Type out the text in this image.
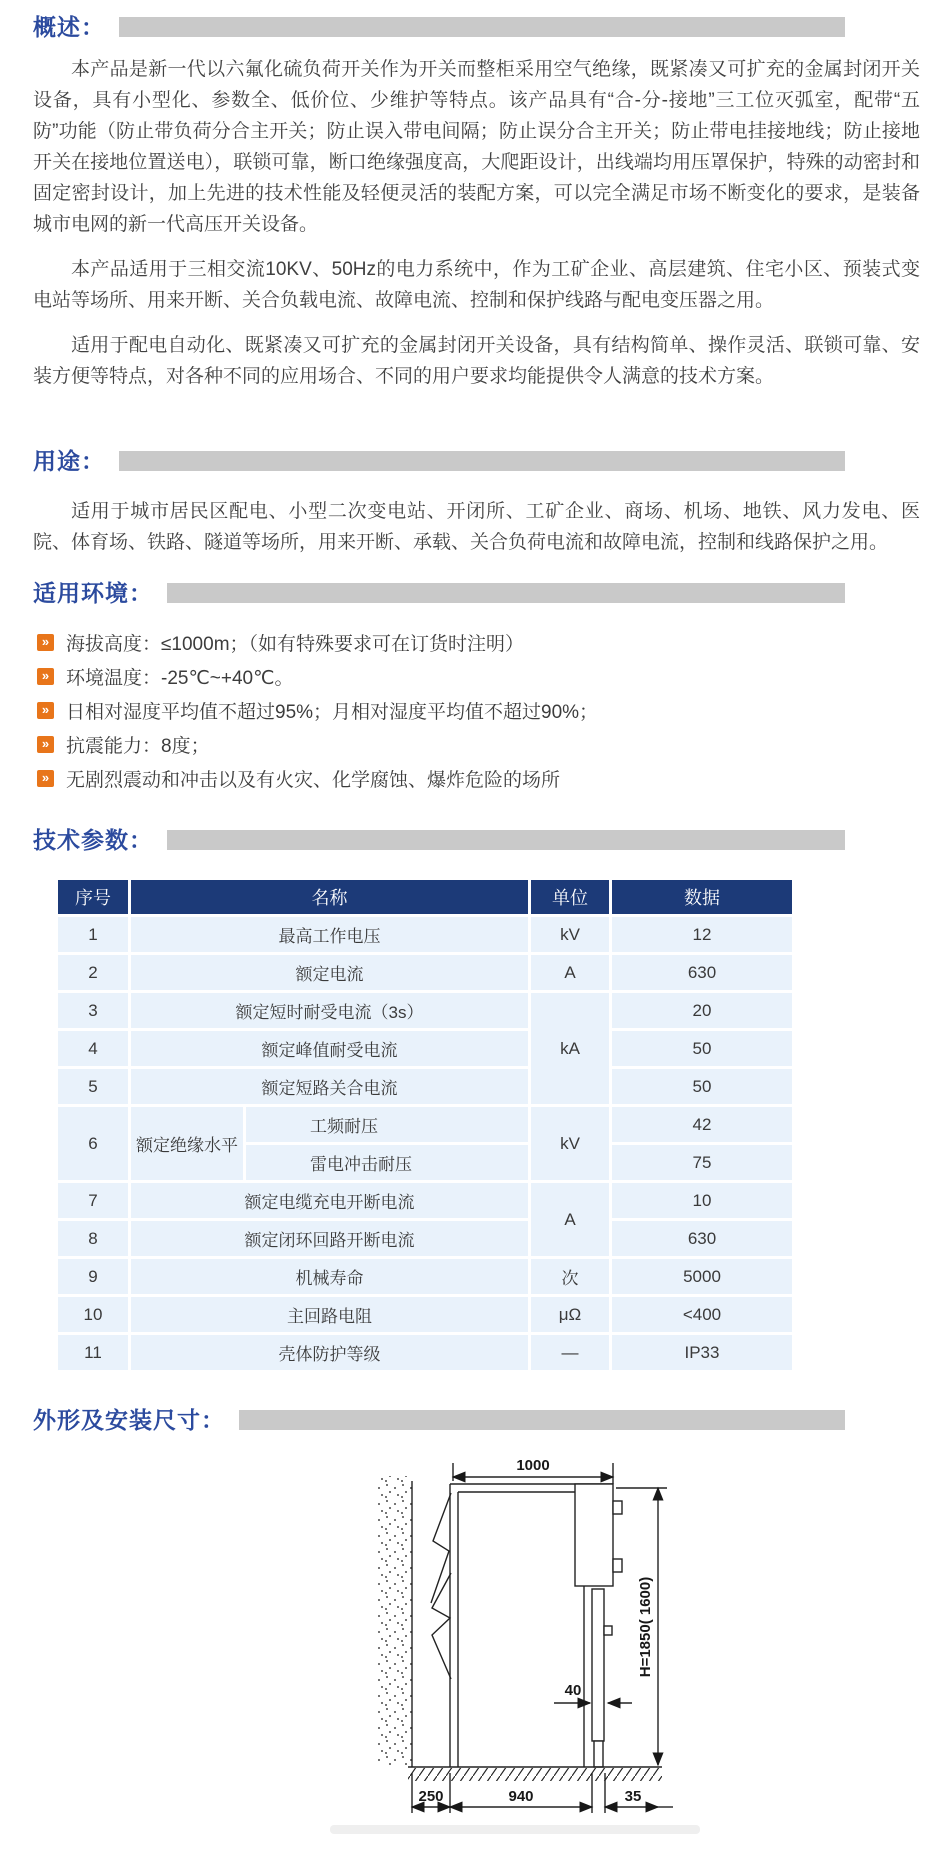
概述：

本产品是新一代以六氟化硫负荷开关作为开关而整柜采用空气绝缘，既紧凑又可扩充的金属封闭开关设备，具有小型化、参数全、低价位、少维护等特点。该产品具有“合-分-接地”三工位灭弧室，配带“五防”功能（防止带负荷分合主开关；防止误入带电间隔；防止误分合主开关；防止带电挂接地线；防止接地开关在接地位置送电），联锁可靠，断口绝缘强度高，大爬距设计，出线端均用压罩保护，特殊的动密封和固定密封设计，加上先进的技术性能及轻便灵活的装配方案，可以完全满足市场不断变化的要求，是装备城市电网的新一代高压开关设备。

本产品适用于三相交流10KV、50Hz的电力系统中，作为工矿企业、高层建筑、住宅小区、预装式变电站等场所、用来开断、关合负载电流、故障电流、控制和保护线路与配电变压器之用。

适用于配电自动化、既紧凑又可扩充的金属封闭开关设备，具有结构简单、操作灵活、联锁可靠、安装方便等特点，对各种不同的应用场合、不同的用户要求均能提供令人满意的技术方案。

用途：

适用于城市居民区配电、小型二次变电站、开闭所、工矿企业、商场、机场、地铁、风力发电、医院、体育场、铁路、隧道等场所，用来开断、承载、关合负荷电流和故障电流，控制和线路保护之用。

适用环境：
» 海拔高度：≤1000m；（如有特殊要求可在订货时注明）
» 环境温度：-25℃~+40℃。
» 日相对湿度平均值不超过95%；月相对湿度平均值不超过90%；
» 抗震能力：8度；
» 无剧烈震动和冲击以及有火灾、化学腐蚀、爆炸危险的场所
技术参数：
序号	名称		单位	数据
1	最高工作电压		kV	12
2	额定电流		A	630
3	额定短时耐受电流（3s）		kA	20
4	额定峰值耐受电流			50
5	额定短路关合电流			50
6	额定绝缘水平	工频耐压	kV	42
		雷电冲击耐压		75
7	额定电缆充电开断电流		A	10
8	额定闭环回路开断电流			630
9	机械寿命		次	5000
10	主回路电阻		μΩ	<400
11	壳体防护等级		—	IP33
外形及安装尺寸：
1000
H=1850( 1600)
40
250	940	35
